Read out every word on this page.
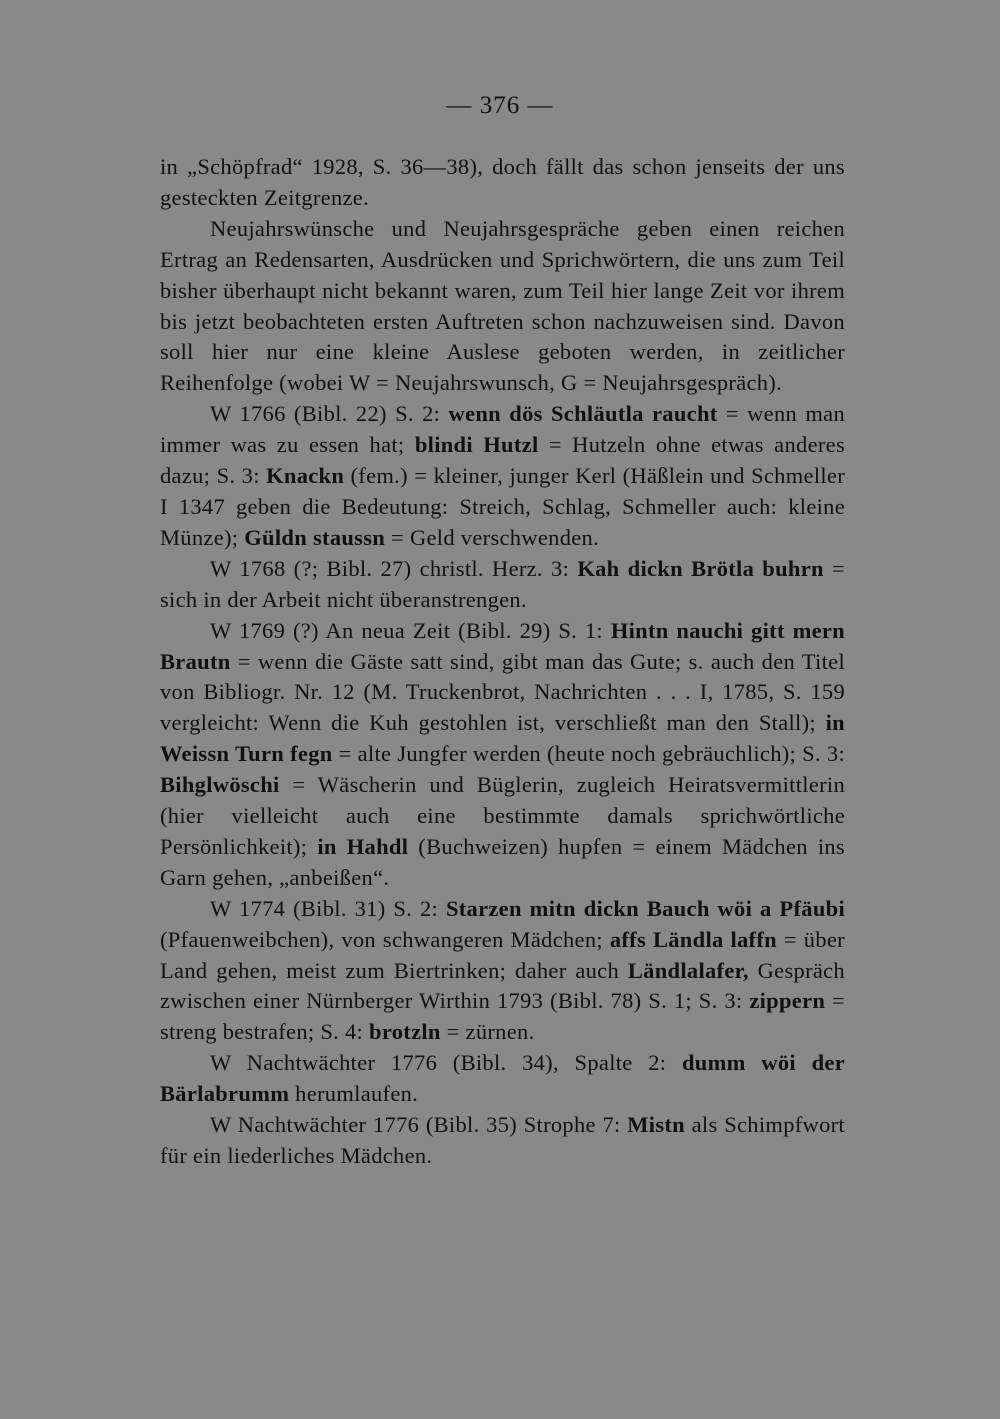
— 376 —

in „Schöpfrad“ 1928, S. 36—38), doch fällt das schon jenseits der uns gesteckten Zeitgrenze.

Neujahrswünsche und Neujahrsgespräche geben einen reichen Ertrag an Redensarten, Ausdrücken und Sprichwörtern, die uns zum Teil bisher überhaupt nicht bekannt waren, zum Teil hier lange Zeit vor ihrem bis jetzt beobachteten ersten Auftreten schon nachzuweisen sind. Davon soll hier nur eine kleine Auslese geboten werden, in zeitlicher Reihenfolge (wobei W = Neujahrswunsch, G = Neujahrsgespräch).

W 1766 (Bibl. 22) S. 2: wenn dös Schläutla raucht = wenn man immer was zu essen hat; blindi Hutzl = Hutzeln ohne etwas anderes dazu; S. 3: Knackn (fem.) = kleiner, junger Kerl (Häßlein und Schmeller I 1347 geben die Bedeutung: Streich, Schlag, Schmeller auch: kleine Münze); Güldn staussn = Geld verschwenden.

W 1768 (?; Bibl. 27) christl. Herz. 3: Kah dickn Brötla buhrn = sich in der Arbeit nicht überanstrengen.

W 1769 (?) An neua Zeit (Bibl. 29) S. 1: Hintn nauchi gitt mern Brautn = wenn die Gäste satt sind, gibt man das Gute; s. auch den Titel von Bibliogr. Nr. 12 (M. Truckenbrot, Nachrichten . . . I, 1785, S. 159 vergleicht: Wenn die Kuh gestohlen ist, verschließt man den Stall); in Weissn Turn fegn = alte Jungfer werden (heute noch gebräuchlich); S. 3: Bihglwöschi = Wäscherin und Büglerin, zugleich Heiratsvermittlerin (hier vielleicht auch eine bestimmte damals sprichwörtliche Persönlichkeit); in Hahdl (Buchweizen) hupfen = einem Mädchen ins Garn gehen, „anbeißen“.

W 1774 (Bibl. 31) S. 2: Starzen mitn dickn Bauch wöi a Pfäubi (Pfauenweibchen), von schwangeren Mädchen; affs Ländla laffn = über Land gehen, meist zum Biertrinken; daher auch Ländlalafer, Gespräch zwischen einer Nürnberger Wirthin 1793 (Bibl. 78) S. 1; S. 3: zippern = streng bestrafen; S. 4: brotzln = zürnen.

W Nachtwächter 1776 (Bibl. 34), Spalte 2: dumm wöi der Bärlabrumm herumlaufen.

W Nachtwächter 1776 (Bibl. 35) Strophe 7: Mistn als Schimpfwort für ein liederliches Mädchen.
